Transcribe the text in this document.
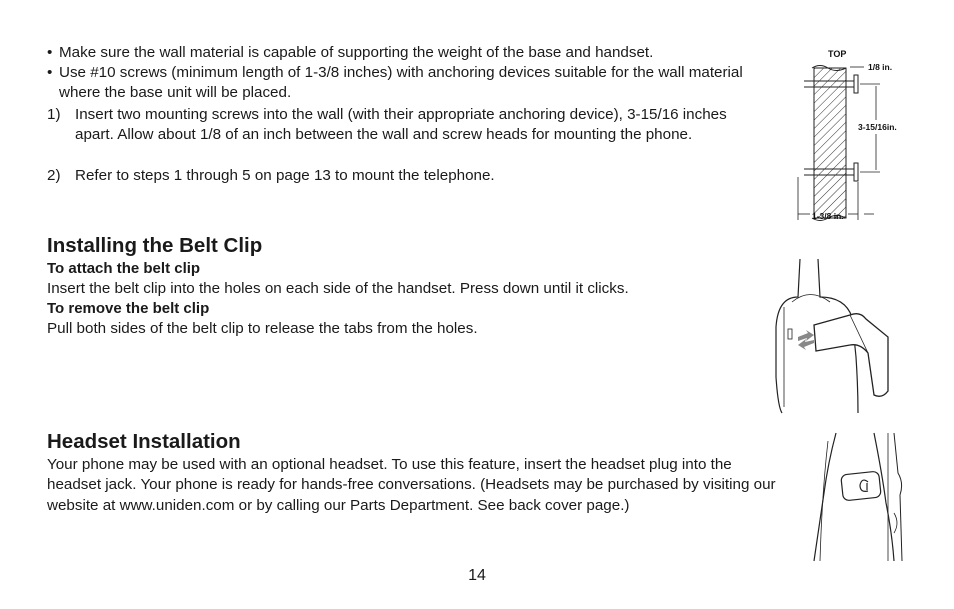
• Make sure the wall material is capable of supporting the weight of the base and handset.
• Use #10 screws (minimum length of 1-3/8 inches) with anchoring devices suitable for the wall material where the base unit will be placed.
1) Insert two mounting screws into the wall (with their appropriate anchoring device), 3-15/16 inches apart. Allow about 1/8 of an inch between the wall and screw heads for mounting the phone.
2) Refer to steps 1 through 5 on page 13 to mount the telephone.
TOP
1/8 in.
3-15/16in.
1-3/8 in.
Installing the Belt Clip

To attach the belt clip

Insert the belt clip into the holes on each side of the handset. Press down until it clicks.

To remove the belt clip

Pull both sides of the belt clip to release the tabs from the holes.

Headset Installation

Your phone may be used with an optional headset. To use this feature, insert the headset plug into the headset jack. Your phone is ready for hands-free conversations. (Headsets may be purchased by visiting our website at www.uniden.com or by calling our Parts Department. See back cover page.)

14
